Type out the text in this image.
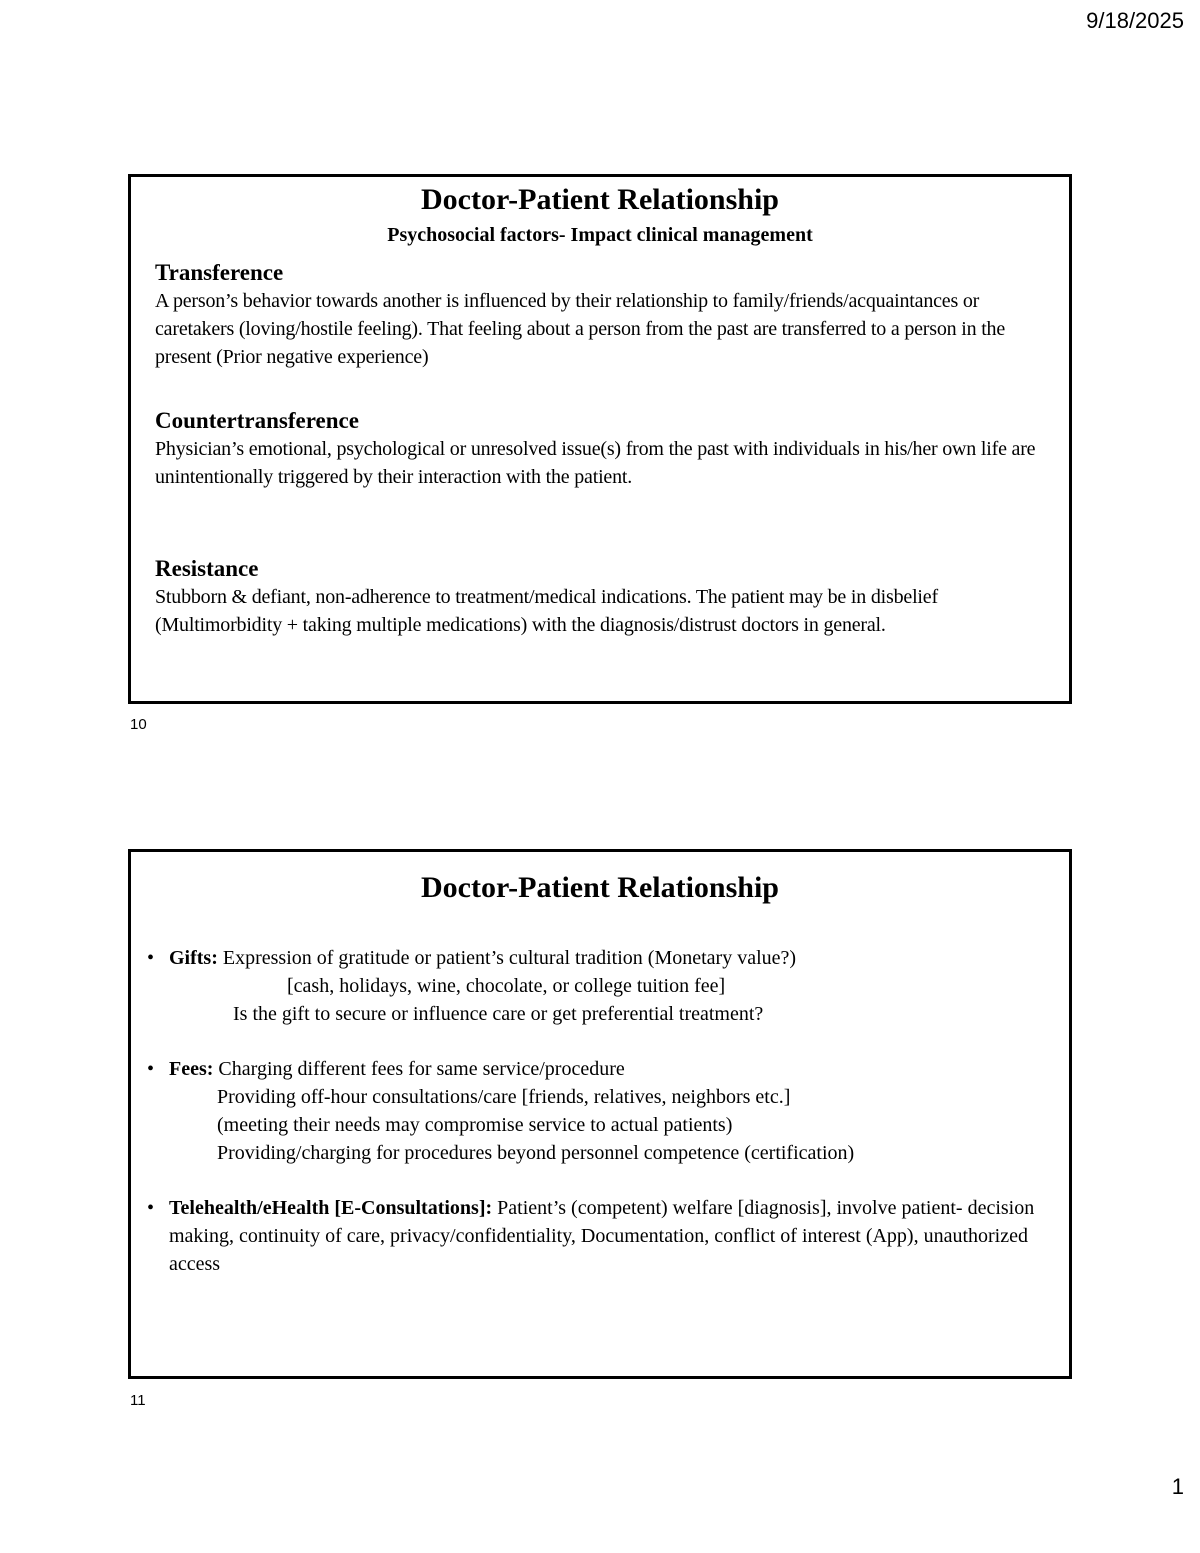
9/18/2025
Doctor-Patient Relationship
Psychosocial factors- Impact clinical management
Transference
A person’s behavior towards another is influenced by their relationship to family/friends/acquaintances or caretakers (loving/hostile feeling). That feeling about a person from the past are transferred to a person in the present (Prior negative experience)
Countertransference
Physician’s emotional, psychological or unresolved issue(s) from the past with individuals in his/her own life are unintentionally triggered by their interaction with the patient.
Resistance
Stubborn & defiant, non-adherence to treatment/medical indications. The patient may be in disbelief (Multimorbidity + taking multiple medications) with the diagnosis/distrust doctors in general.
10
Doctor-Patient Relationship
• Gifts: Expression of gratitude or patient’s cultural tradition (Monetary value?)
[cash, holidays, wine, chocolate, or college tuition fee]
Is the gift to secure or influence care or get preferential treatment?
• Fees: Charging different fees for same service/procedure
Providing off-hour consultations/care [friends, relatives, neighbors etc.]
(meeting their needs may compromise service to actual patients)
Providing/charging for procedures beyond personnel competence (certification)
• Telehealth/eHealth [E-Consultations]: Patient’s (competent) welfare [diagnosis], involve patient- decision making, continuity of care, privacy/confidentiality, Documentation, conflict of interest (App), unauthorized access
11
1
